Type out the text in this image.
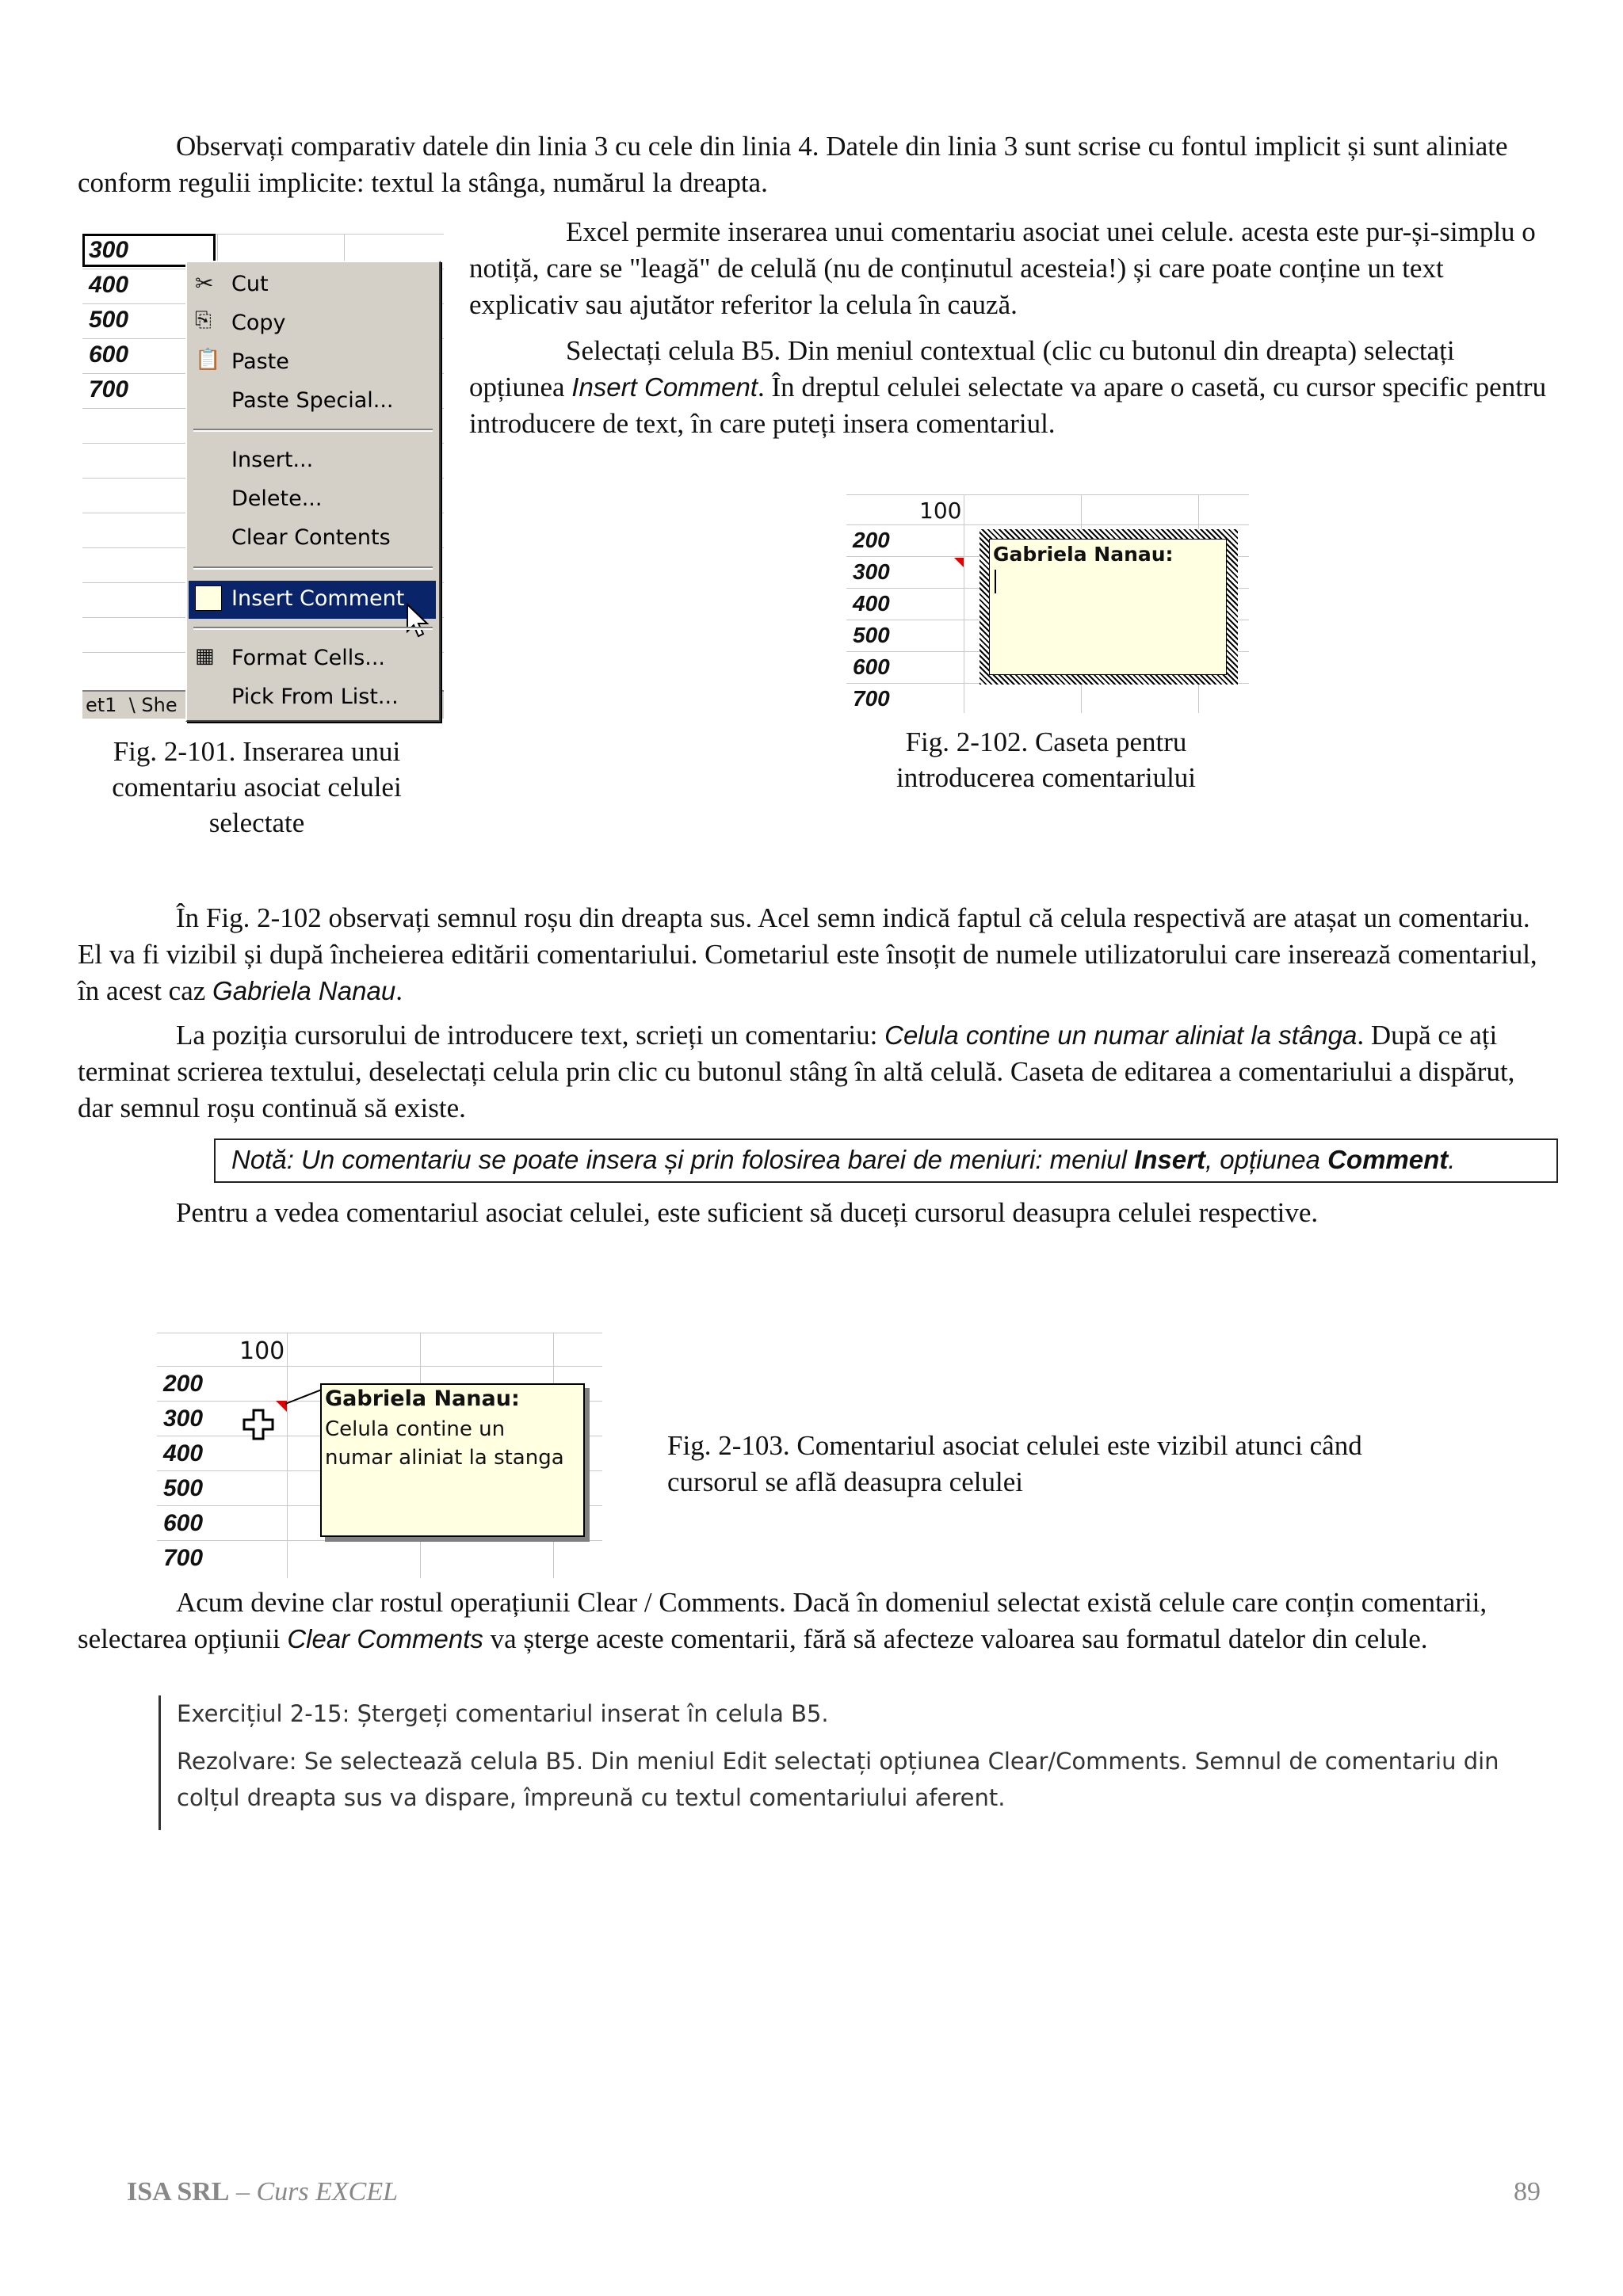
Observați comparativ datele din linia 3 cu cele din linia 4. Datele din linia 3 sunt scrise cu fontul implicit și sunt aliniate conform regulii implicite: textul la stânga, numărul la dreapta.
300
400
500
600
700
et1  \ She
✂ Cut
⎘ Copy
📋 Paste
Paste Special...
Insert...
Delete...
Clear Contents
Insert Comment
▦ Format Cells...
Pick From List...
Fig. 2-101. Inserarea unui comentariu asociat celulei selectate
Excel permite inserarea unui comentariu asociat unei celule. acesta este pur-și-simplu o notiță, care se "leagă" de celulă (nu de conținutul acesteia!) și care poate conține un text explicativ sau ajutător referitor la celula în cauză.
Selectați celula B5. Din meniul contextual (clic cu butonul din dreapta) selectați opțiunea Insert Comment. În dreptul celulei selectate va apare o casetă, cu cursor specific pentru introducere de text, în care puteți insera comentariul.
100
200
300
400
500
600
700
Gabriela Nanau:
Fig. 2-102. Caseta pentru introducerea comentariului
În Fig. 2-102 observați semnul roșu din dreapta sus. Acel semn indică faptul că celula respectivă are atașat un comentariu. El va fi vizibil și după încheierea editării comentariului. Cometariul este însoțit de numele utilizatorului care inserează comentariul, în acest caz Gabriela Nanau.
La poziția cursorului de introducere text, scrieți un comentariu: Celula contine un numar aliniat la stânga. După ce ați terminat scrierea textului, deselectați celula prin clic cu butonul stâng în altă celulă. Caseta de editarea a comentariului a dispărut, dar semnul roșu continuă să existe.
Notă: Un comentariu se poate insera și prin folosirea barei de meniuri: meniul Insert, opțiunea Comment.
Pentru a vedea comentariul asociat celulei, este suficient să duceți cursorul deasupra celulei respective.
100
200
300
400
500
600
700
Gabriela Nanau:
Celula contine un numar aliniat la stanga	Fig. 2-103. Comentariul asociat celulei este vizibil atunci când cursorul se află deasupra celulei
Acum devine clar rostul operațiunii Clear / Comments. Dacă în domeniul selectat există celule care conțin comentarii, selectarea opțiunii Clear Comments va șterge aceste comentarii, fără să afecteze valoarea sau formatul datelor din celule.

Exercițiul 2-15: Ștergeți comentariul inserat în celula B5.

Rezolvare: Se selectează celula B5. Din meniul Edit selectați opțiunea Clear/Comments. Semnul de comentariu din colțul dreapta sus va dispare, împreună cu textul comentariului aferent.

ISA SRL – Curs EXCEL	89
